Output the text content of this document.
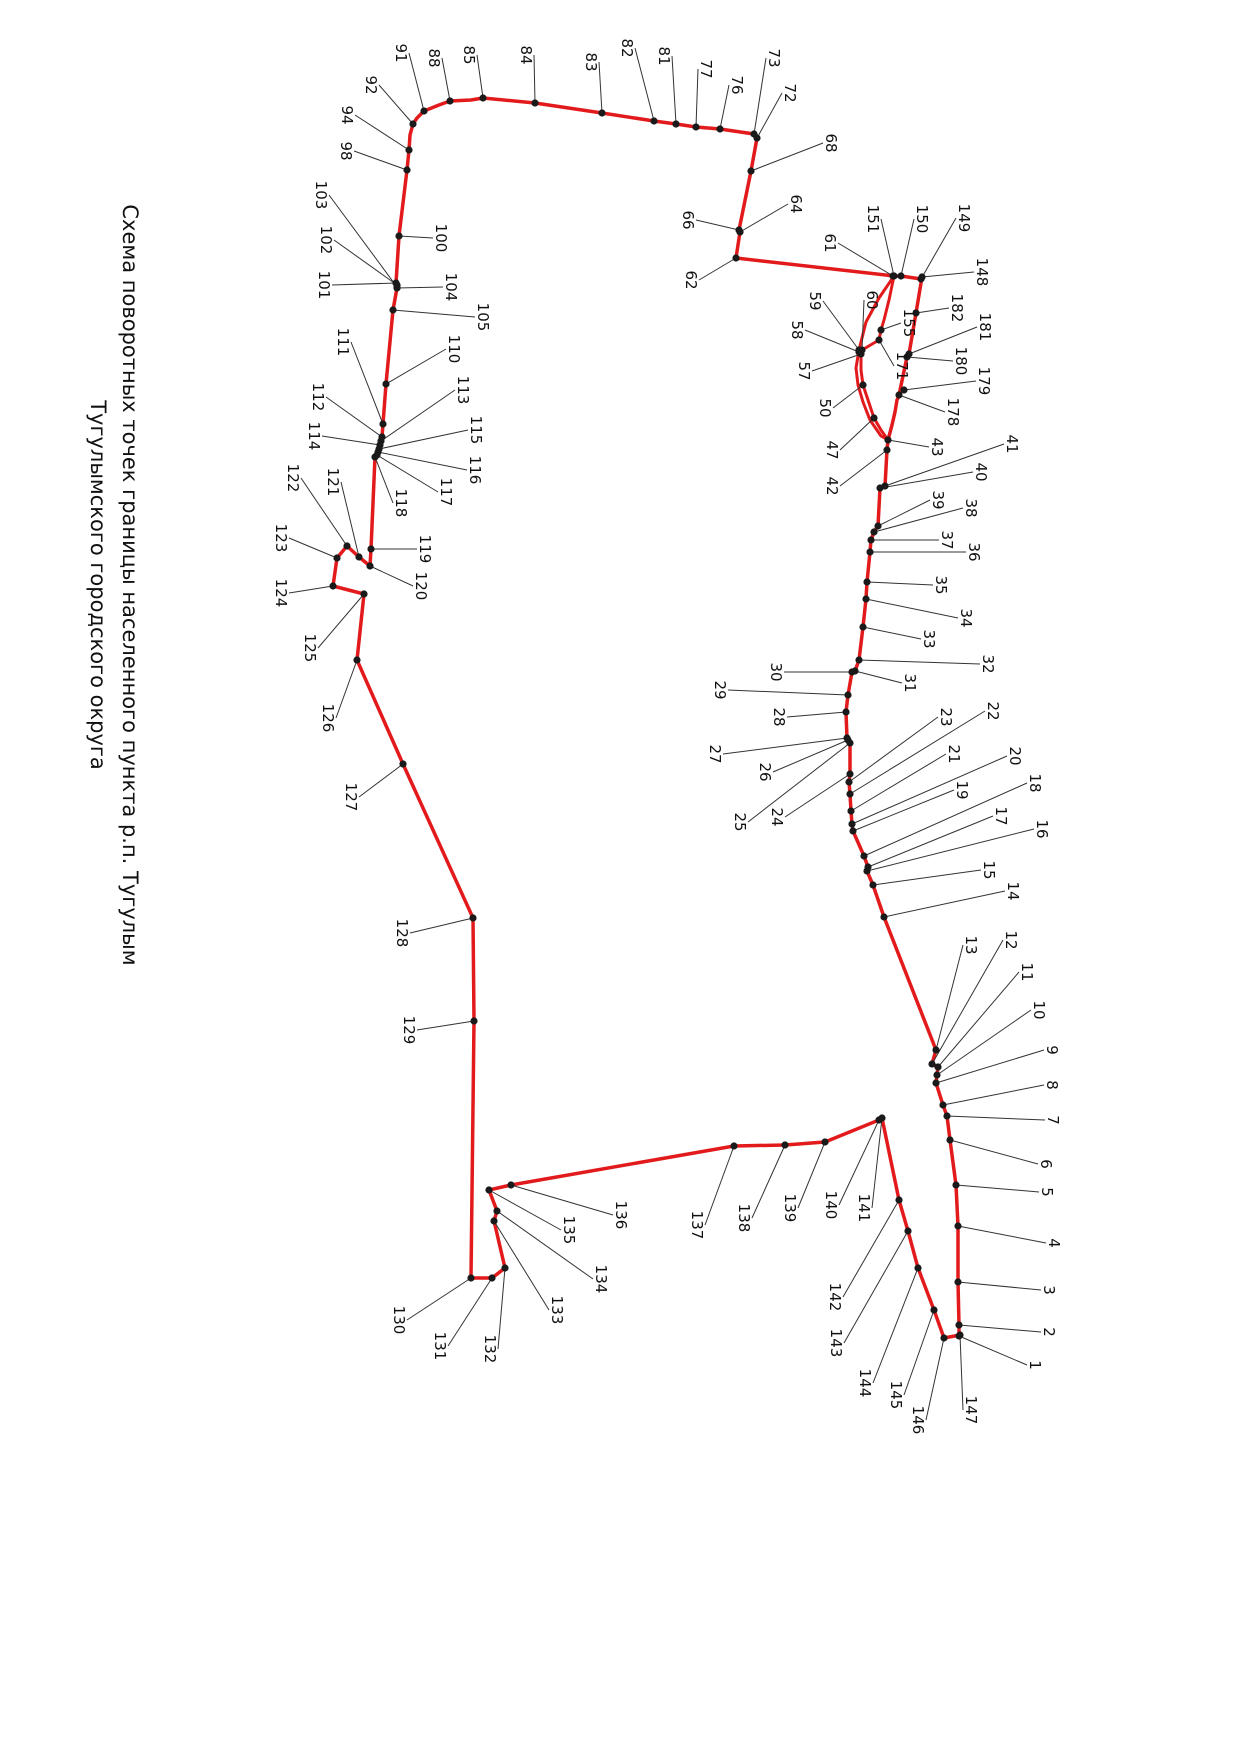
Схема поворотных точек границы населенного пункта р.п. Тугулым
Тугулымского городского округа
1
2
3
4
5
6
7
8
9
10
11
12
13
14
15
16
17
18
19
20
21
22
23
24
25
26
27
28
29
30
31
32
33
34
35
36
37
38
39
40
41
42
43
47
50
57
58
59	60
61
62
64
66
68
72
73
76
77
81
82
83
84
85
88
91
92
94
98
100
101
102
103
104
105
110
111
112	113
114	115
116
117
118
119
120
121
122
123
124
125
126
127
128
129
130
131 132
133
134
135
136	137 138 139 140 141
142
143
144 145
146 147
148
149
150
151
155
171
178
179
180
181
182
